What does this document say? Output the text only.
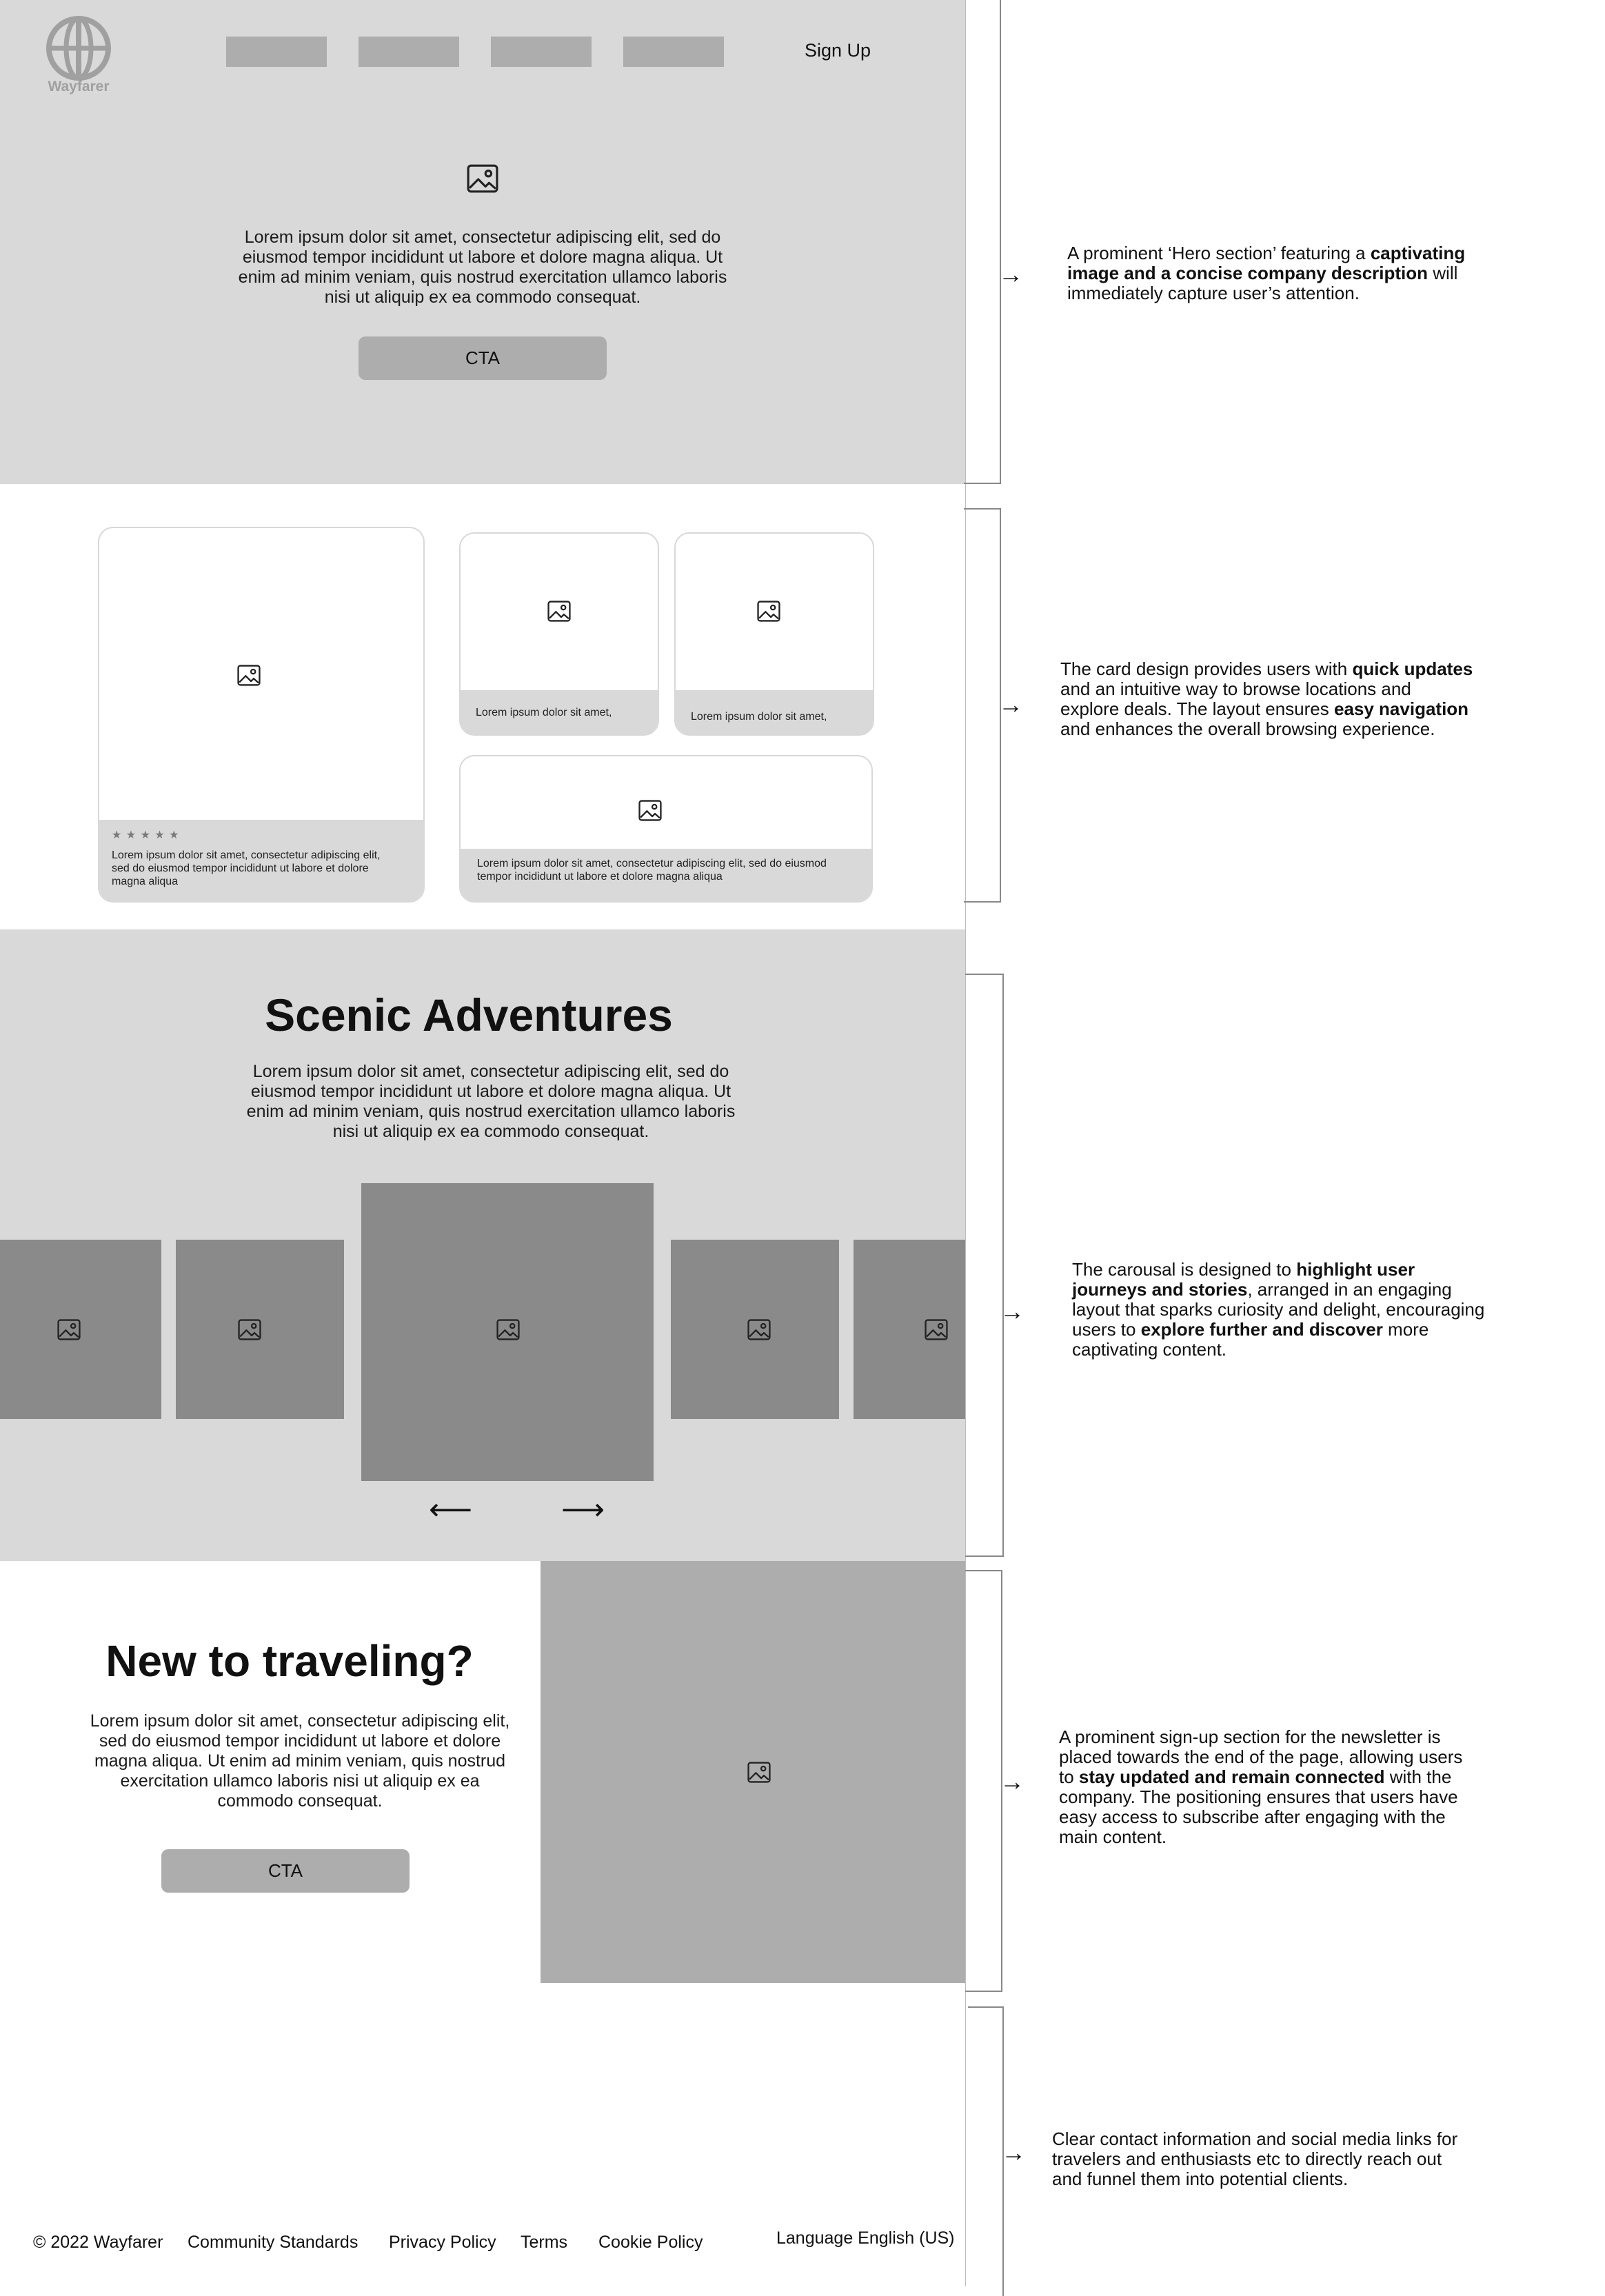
Wayfarer
Sign Up
Lorem ipsum dolor sit amet, consectetur adipiscing elit, sed do eiusmod tempor incididunt ut labore et dolore magna aliqua. Ut enim ad minim veniam, quis nostrud exercitation ullamco laboris nisi ut aliquip ex ea commodo consequat.
CTA
★ ★ ★ ★ ★
Lorem ipsum dolor sit amet, consectetur adipiscing elit, sed do eiusmod tempor incididunt ut labore et dolore magna aliqua
Lorem ipsum dolor sit amet,	Lorem ipsum dolor sit amet,
Lorem ipsum dolor sit amet, consectetur adipiscing elit, sed do eiusmod tempor incididunt ut labore et dolore magna aliqua
Scenic Adventures
Lorem ipsum dolor sit amet, consectetur adipiscing elit, sed do eiusmod tempor incididunt ut labore et dolore magna aliqua. Ut enim ad minim veniam, quis nostrud exercitation ullamco laboris nisi ut aliquip ex ea commodo consequat.
⟵	⟶
New to traveling?
Lorem ipsum dolor sit amet, consectetur adipiscing elit, sed do eiusmod tempor incididunt ut labore et dolore magna aliqua. Ut enim ad minim veniam, quis nostrud exercitation ullamco laboris nisi ut aliquip ex ea commodo consequat.
CTA
© 2022 Wayfarer Community Standards Privacy Policy Terms Cookie Policy	Language English (US)
→
A prominent ‘Hero section’ featuring a captivating image and a concise company description will immediately capture user’s attention.
→
The card design provides users with quick updates and an intuitive way to browse locations and explore deals. The layout ensures easy navigation and enhances the overall browsing experience.
→
The carousal is designed to highlight user journeys and stories, arranged in an engaging layout that sparks curiosity and delight, encouraging users to explore further and discover more captivating content.
→
A prominent sign-up section for the newsletter is placed towards the end of the page, allowing users to stay updated and remain connected with the company. The positioning ensures that users have easy access to subscribe after engaging with the main content.
→ Clear contact information and social media links for travelers and enthusiasts etc to directly reach out and funnel them into potential clients.
